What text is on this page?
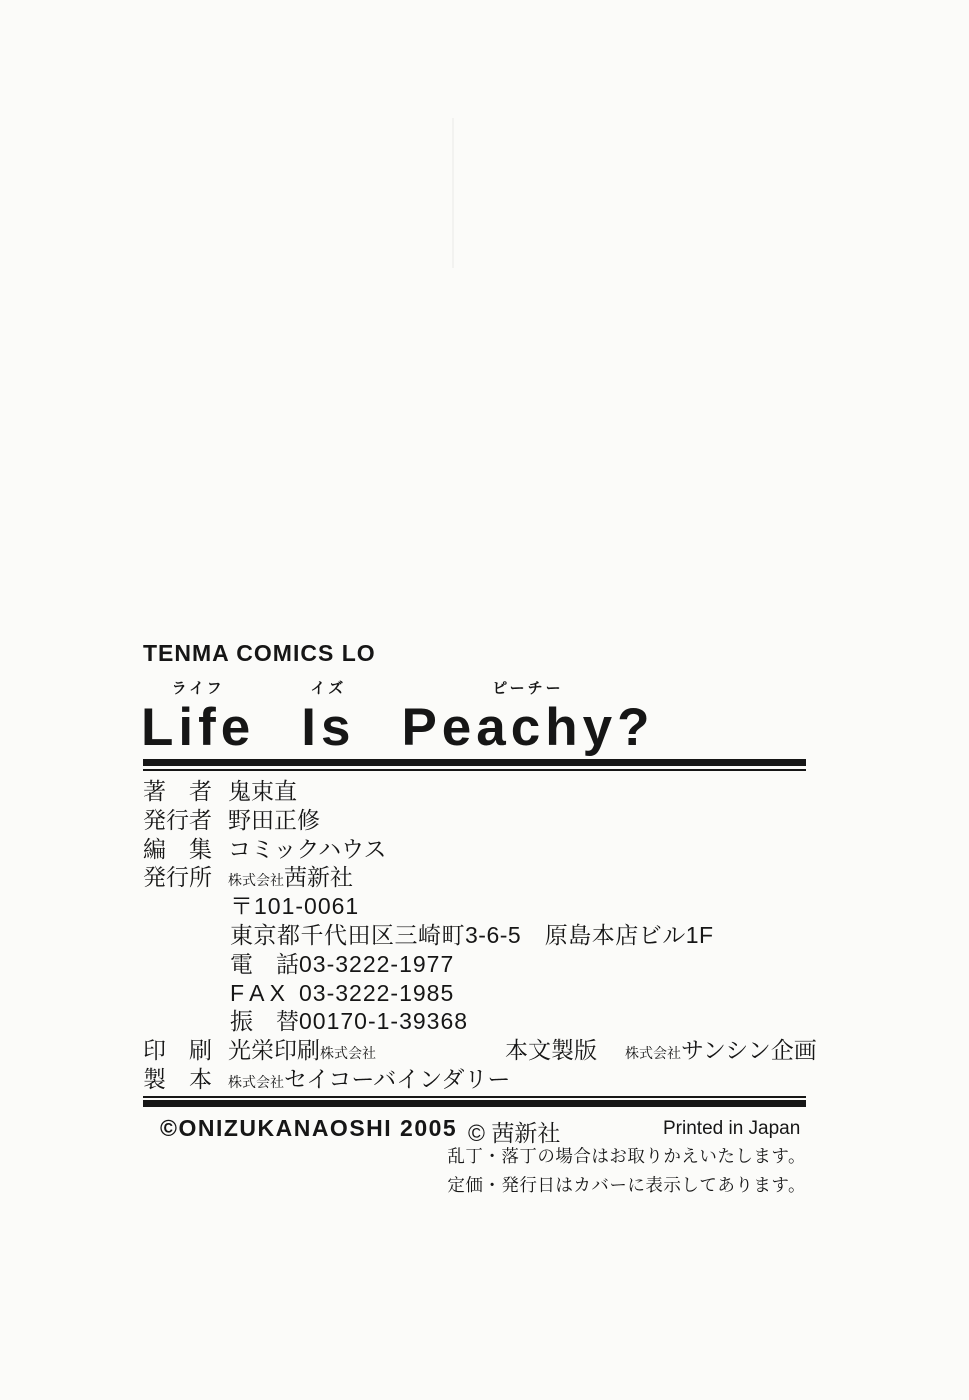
TENMA COMICS LO
ライフ
Life
イズ
Is
ピーチー
Peachy?
著　者 鬼束直
発行者 野田正修
編　集 コミックハウス
発行所 株式会社茜新社
〒101-0061
東京都千代田区三崎町3-6-5　原島本店ビル1F
電　話03-3222-1977
F A X 03-3222-1985
振　替00170-1-39368
印　刷 光栄印刷株式会社	本文製版 株式会社サンシン企画
製　本 株式会社セイコーバインダリー
©ONIZUKANAOSHI 2005 © 茜新社	Printed in Japan
乱丁・落丁の場合はお取りかえいたします。
定価・発行日はカバーに表示してあります。
